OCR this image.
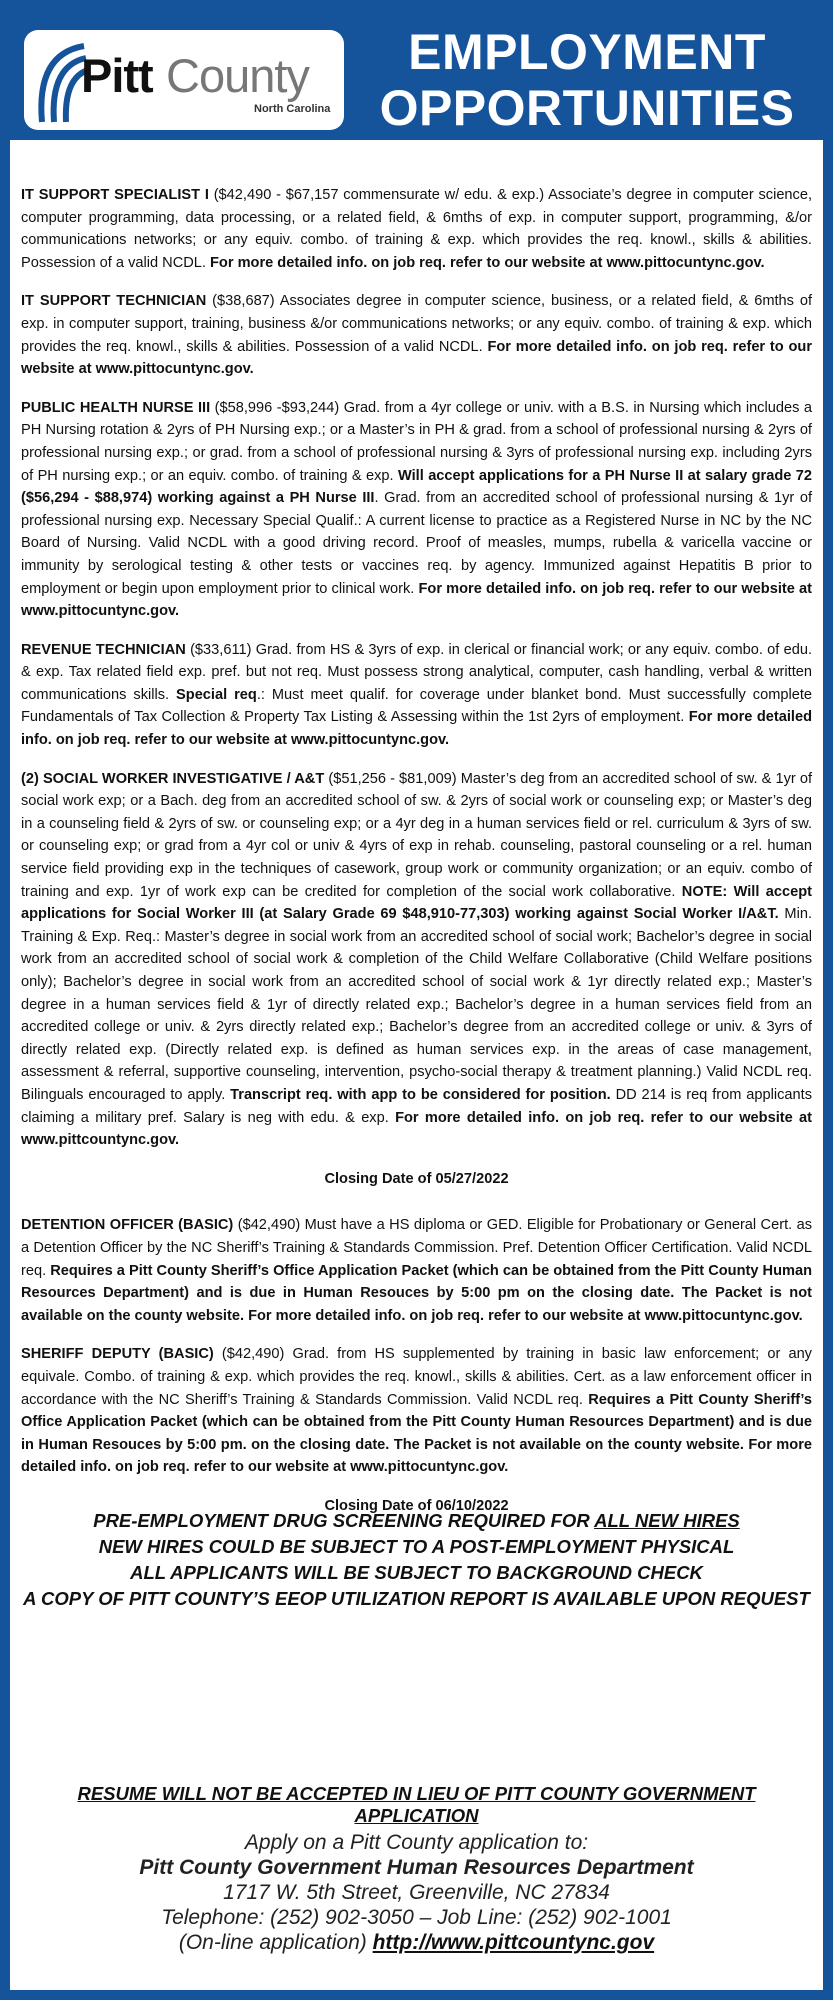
Pitt County
North Carolina
EMPLOYMENT
OPPORTUNITIES

IT SUPPORT SPECIALIST I ($42,490 - $67,157 commensurate w/ edu. & exp.) Associate’s degree in computer science, computer programming, data processing, or a related field, & 6mths of exp. in computer support, programming, &/or communications networks; or any equiv. combo. of training & exp. which provides the req. knowl., skills & abilities. Possession of a valid NCDL. For more detailed info. on job req. refer to our website at www.pittocuntync.gov.

IT SUPPORT TECHNICIAN ($38,687) Associates degree in computer science, business, or a related field, & 6mths of exp. in computer support, training, business &/or communications networks; or any equiv. combo. of training & exp. which provides the req. knowl., skills & abilities. Possession of a valid NCDL. For more detailed info. on job req. refer to our website at www.pittocuntync.gov.

PUBLIC HEALTH NURSE III ($58,996 -$93,244) Grad. from a 4yr college or univ. with a B.S. in Nursing which includes a PH Nursing rotation & 2yrs of PH Nursing exp.; or a Master’s in PH & grad. from a school of professional nursing & 2yrs of professional nursing exp.; or grad. from a school of professional nursing & 3yrs of professional nursing exp. including 2yrs of PH nursing exp.; or an equiv. combo. of training & exp. Will accept applications for a PH Nurse II at salary grade 72 ($56,294 - $88,974) working against a PH Nurse III. Grad. from an accredited school of professional nursing & 1yr of professional nursing exp. Necessary Special Qualif.: A current license to practice as a Registered Nurse in NC by the NC Board of Nursing. Valid NCDL with a good driving record. Proof of measles, mumps, rubella & varicella vaccine or immunity by serological testing & other tests or vaccines req. by agency. Immunized against Hepatitis B prior to employment or begin upon employment prior to clinical work. For more detailed info. on job req. refer to our website at www.pittocuntync.gov.

REVENUE TECHNICIAN ($33,611) Grad. from HS & 3yrs of exp. in clerical or financial work; or any equiv. combo. of edu. & exp. Tax related field exp. pref. but not req. Must possess strong analytical, computer, cash handling, verbal & written communications skills. Special req.: Must meet qualif. for coverage under blanket bond. Must successfully complete Fundamentals of Tax Collection & Property Tax Listing & Assessing within the 1st 2yrs of employment. For more detailed info. on job req. refer to our website at www.pittocuntync.gov.

(2) SOCIAL WORKER INVESTIGATIVE / A&T ($51,256 - $81,009) Master’s deg from an accredited school of sw. & 1yr of social work exp; or a Bach. deg from an accredited school of sw. & 2yrs of social work or counseling exp; or Master’s deg in a counseling field & 2yrs of sw. or counseling exp; or a 4yr deg in a human services field or rel. curriculum & 3yrs of sw. or counseling exp; or grad from a 4yr col or univ & 4yrs of exp in rehab. counseling, pastoral counseling or a rel. human service field providing exp in the techniques of casework, group work or community organization; or an equiv. combo of training and exp. 1yr of work exp can be credited for completion of the social work collaborative. NOTE: Will accept applications for Social Worker III (at Salary Grade 69 $48,910-77,303) working against Social Worker I/A&T. Min. Training & Exp. Req.: Master’s degree in social work from an accredited school of social work; Bachelor’s degree in social work from an accredited school of social work & completion of the Child Welfare Collaborative (Child Welfare positions only); Bachelor’s degree in social work from an accredited school of social work & 1yr directly related exp.; Master’s degree in a human services field & 1yr of directly related exp.; Bachelor’s degree in a human services field from an accredited college or univ. & 2yrs directly related exp.; Bachelor’s degree from an accredited college or univ. & 3yrs of directly related exp. (Directly related exp. is defined as human services exp. in the areas of case management, assessment & referral, supportive counseling, intervention, psycho-social therapy & treatment planning.) Valid NCDL req. Bilinguals encouraged to apply. Transcript req. with app to be considered for position. DD 214 is req from applicants claiming a military pref. Salary is neg with edu. & exp. For more detailed info. on job req. refer to our website at www.pittcountync.gov.

Closing Date of 05/27/2022

DETENTION OFFICER (BASIC) ($42,490) Must have a HS diploma or GED. Eligible for Probationary or General Cert. as a Detention Officer by the NC Sheriff’s Training & Standards Commission. Pref. Detention Officer Certification. Valid NCDL req. Requires a Pitt County Sheriff’s Office Application Packet (which can be obtained from the Pitt County Human Resources Department) and is due in Human Resouces by 5:00 pm on the closing date. The Packet is not available on the county website. For more detailed info. on job req. refer to our website at www.pittocuntync.gov.

SHERIFF DEPUTY (BASIC) ($42,490) Grad. from HS supplemented by training in basic law enforcement; or any equivale. Combo. of training & exp. which provides the req. knowl., skills & abilities. Cert. as a law enforcement officer in accordance with the NC Sheriff’s Training & Standards Commission. Valid NCDL req. Requires a Pitt County Sheriff’s Office Application Packet (which can be obtained from the Pitt County Human Resources Department) and is due in Human Resouces by 5:00 pm. on the closing date. The Packet is not available on the county website. For more detailed info. on job req. refer to our website at www.pittocuntync.gov.

Closing Date of 06/10/2022

PRE-EMPLOYMENT DRUG SCREENING REQUIRED FOR ALL NEW HIRES
NEW HIRES COULD BE SUBJECT TO A POST-EMPLOYMENT PHYSICAL
ALL APPLICANTS WILL BE SUBJECT TO BACKGROUND CHECK
A COPY OF PITT COUNTY’S EEOP UTILIZATION REPORT IS AVAILABLE UPON REQUEST
RESUME WILL NOT BE ACCEPTED IN LIEU OF PITT COUNTY GOVERNMENT APPLICATION
Apply on a Pitt County application to:
Pitt County Government Human Resources Department
1717 W. 5th Street, Greenville, NC 27834
Telephone: (252) 902-3050 – Job Line: (252) 902-1001
(On-line application) http://www.pittcountync.gov
